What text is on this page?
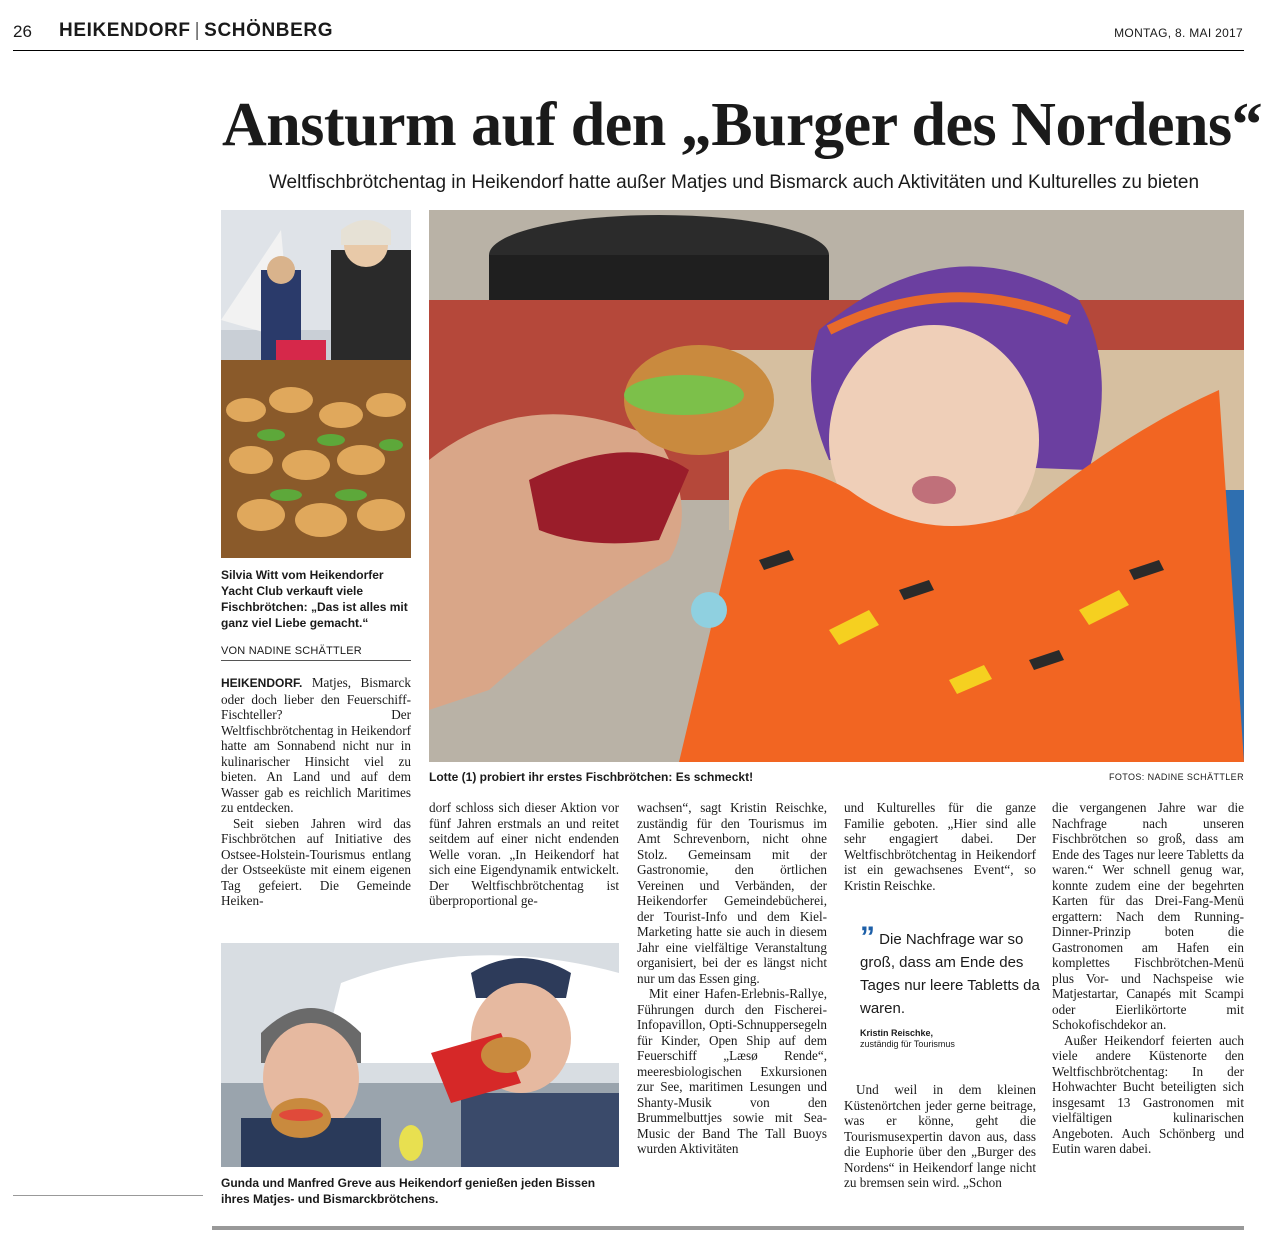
26 HEIKENDORF | SCHÖNBERG	MONTAG, 8. MAI 2017
Ansturm auf den „Burger des Nordens“
Weltfischbrötchentag in Heikendorf hatte außer Matjes und Bismarck auch Aktivitäten und Kulturelles zu bieten
Silvia Witt vom Heikendorfer Yacht Club verkauft viele Fischbrötchen: „Das ist alles mit ganz viel Liebe gemacht.“
Lotte (1) probiert ihr erstes Fischbrötchen: Es schmeckt!	FOTOS: NADINE SCHÄTTLER
VON NADINE SCHÄTTLER

HEIKENDORF. Matjes, Bismarck oder doch lieber den Feuerschiff-Fischteller? Der Weltfischbrötchentag in Heikendorf hatte am Sonnabend nicht nur in kulinarischer Hinsicht viel zu bieten. An Land und auf dem Wasser gab es reichlich Maritimes zu entdecken.

Seit sieben Jahren wird das Fischbrötchen auf Initiative des Ostsee-Holstein-Tourismus entlang der Ostseeküste mit einem eigenen Tag gefeiert. Die Gemeinde Heiken-

dorf schloss sich dieser Aktion vor fünf Jahren erstmals an und reitet seitdem auf einer nicht endenden Welle voran. „In Heikendorf hat sich eine Eigendynamik entwickelt. Der Weltfischbrötchentag ist überproportional ge-

Gunda und Manfred Greve aus Heikendorf genießen jeden Bissen ihres Matjes- und Bismarckbrötchens.

wachsen“, sagt Kristin Reischke, zuständig für den Tourismus im Amt Schrevenborn, nicht ohne Stolz. Gemeinsam mit der Gastronomie, den örtlichen Vereinen und Verbänden, der Heikendorfer Gemeindebücherei, der Tourist-Info und dem Kiel-Marketing hatte sie auch in diesem Jahr eine vielfältige Veranstaltung organisiert, bei der es längst nicht nur um das Essen ging.

Mit einer Hafen-Erlebnis-Rallye, Führungen durch den Fischerei-Infopavillon, Opti-Schnuppersegeln für Kinder, Open Ship auf dem Feuerschiff „Læsø Rende“, meeresbiologischen Exkursionen zur See, maritimen Lesungen und Shanty-Musik von den Brummelbuttjes sowie mit Sea-Music der Band The Tall Buoys wurden Aktivitäten

und Kulturelles für die ganze Familie geboten. „Hier sind alle sehr engagiert dabei. Der Weltfischbrötchentag in Heikendorf ist ein gewachsenes Event“, so Kristin Reischke.

” Die Nachfrage war so groß, dass am Ende des Tages nur leere Tabletts da waren.
Kristin Reischke,
zuständig für Tourismus

Und weil in dem kleinen Küstenörtchen jeder gerne beitrage, was er könne, geht die Tourismusexpertin davon aus, dass die Euphorie über den „Burger des Nordens“ in Heikendorf lange nicht zu bremsen sein wird. „Schon

die vergangenen Jahre war die Nachfrage nach unseren Fischbrötchen so groß, dass am Ende des Tages nur leere Tabletts da waren.“ Wer schnell genug war, konnte zudem eine der begehrten Karten für das Drei-Fang-Menü ergattern: Nach dem Running-Dinner-Prinzip boten die Gastronomen am Hafen ein komplettes Fischbrötchen-Menü plus Vor- und Nachspeise wie Matjestartar, Canapés mit Scampi oder Eierlikörtorte mit Schokofischdekor an.

Außer Heikendorf feierten auch viele andere Küstenorte den Weltfischbrötchentag: In der Hohwachter Bucht beteiligten sich insgesamt 13 Gastronomen mit vielfältigen kulinarischen Angeboten. Auch Schönberg und Eutin waren dabei.
